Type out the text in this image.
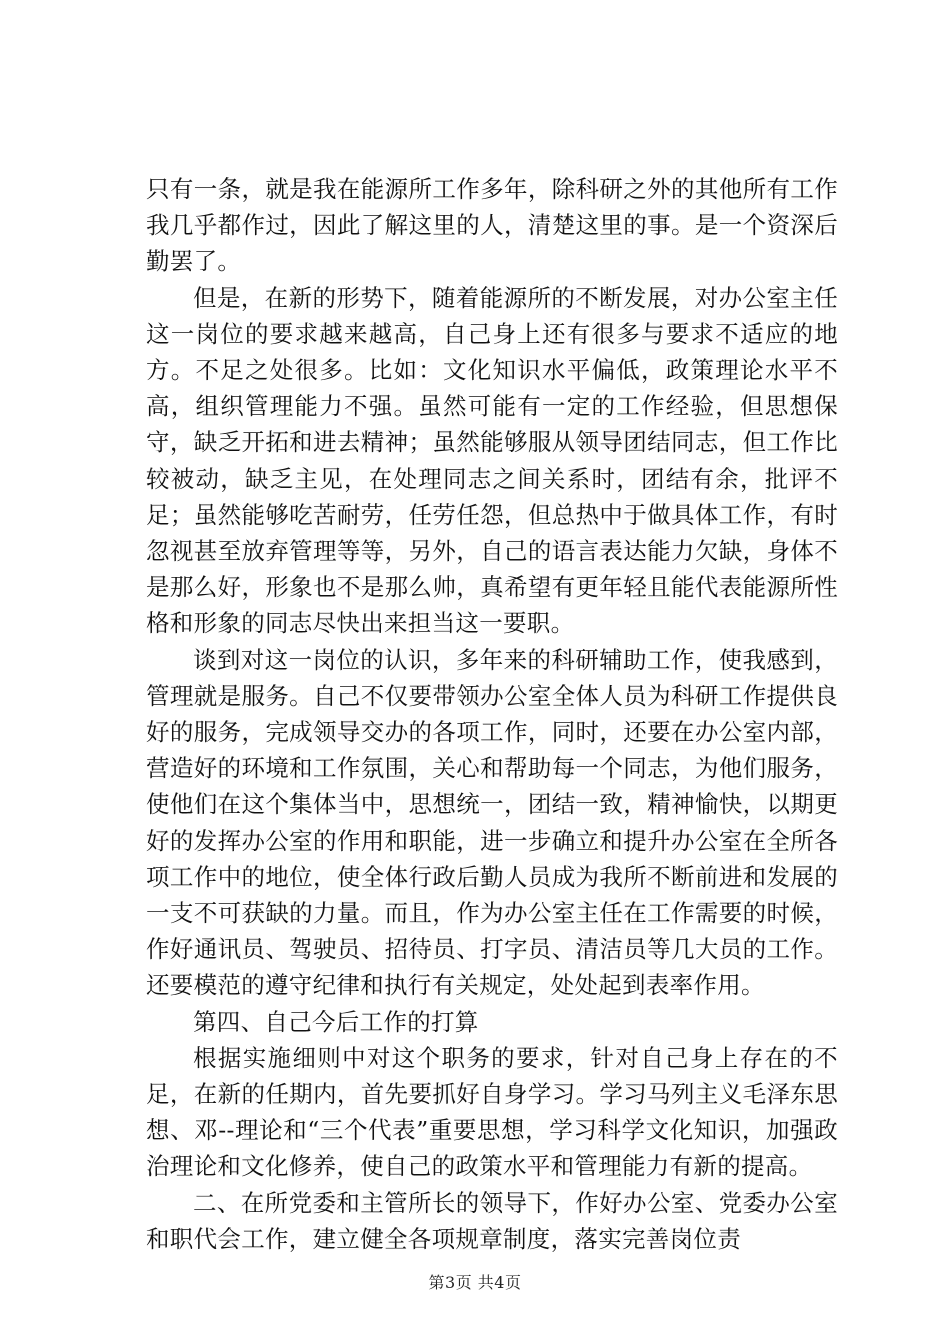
只有一条，就是我在能源所工作多年，除科研之外的其他所有工作我几乎都作过，因此了解这里的人，清楚这里的事。是一个资深后勤罢了。

但是，在新的形势下，随着能源所的不断发展，对办公室主任这一岗位的要求越来越高，自己身上还有很多与要求不适应的地方。不足之处很多。比如：文化知识水平偏低，政策理论水平不高，组织管理能力不强。虽然可能有一定的工作经验，但思想保守，缺乏开拓和进去精神；虽然能够服从领导团结同志，但工作比较被动，缺乏主见，在处理同志之间关系时，团结有余，批评不足；虽然能够吃苦耐劳，任劳任怨，但总热中于做具体工作，有时忽视甚至放弃管理等等，另外，自己的语言表达能力欠缺，身体不是那么好，形象也不是那么帅，真希望有更年轻且能代表能源所性格和形象的同志尽快出来担当这一要职。

谈到对这一岗位的认识，多年来的科研辅助工作，使我感到，管理就是服务。自己不仅要带领办公室全体人员为科研工作提供良好的服务，完成领导交办的各项工作，同时，还要在办公室内部，营造好的环境和工作氛围，关心和帮助每一个同志，为他们服务，使他们在这个集体当中，思想统一，团结一致，精神愉快，以期更好的发挥办公室的作用和职能，进一步确立和提升办公室在全所各项工作中的地位，使全体行政后勤人员成为我所不断前进和发展的一支不可获缺的力量。而且，作为办公室主任在工作需要的时候，作好通讯员、驾驶员、招待员、打字员、清洁员等几大员的工作。还要模范的遵守纪律和执行有关规定，处处起到表率作用。

第四、自己今后工作的打算

根据实施细则中对这个职务的要求，针对自己身上存在的不足，在新的任期内，首先要抓好自身学习。学习马列主义毛泽东思想、邓--理论和“三个代表”重要思想，学习科学文化知识，加强政治理论和文化修养，使自己的政策水平和管理能力有新的提高。

二、在所党委和主管所长的领导下，作好办公室、党委办公室和职代会工作，建立健全各项规章制度，落实完善岗位责

第3页 共4页
